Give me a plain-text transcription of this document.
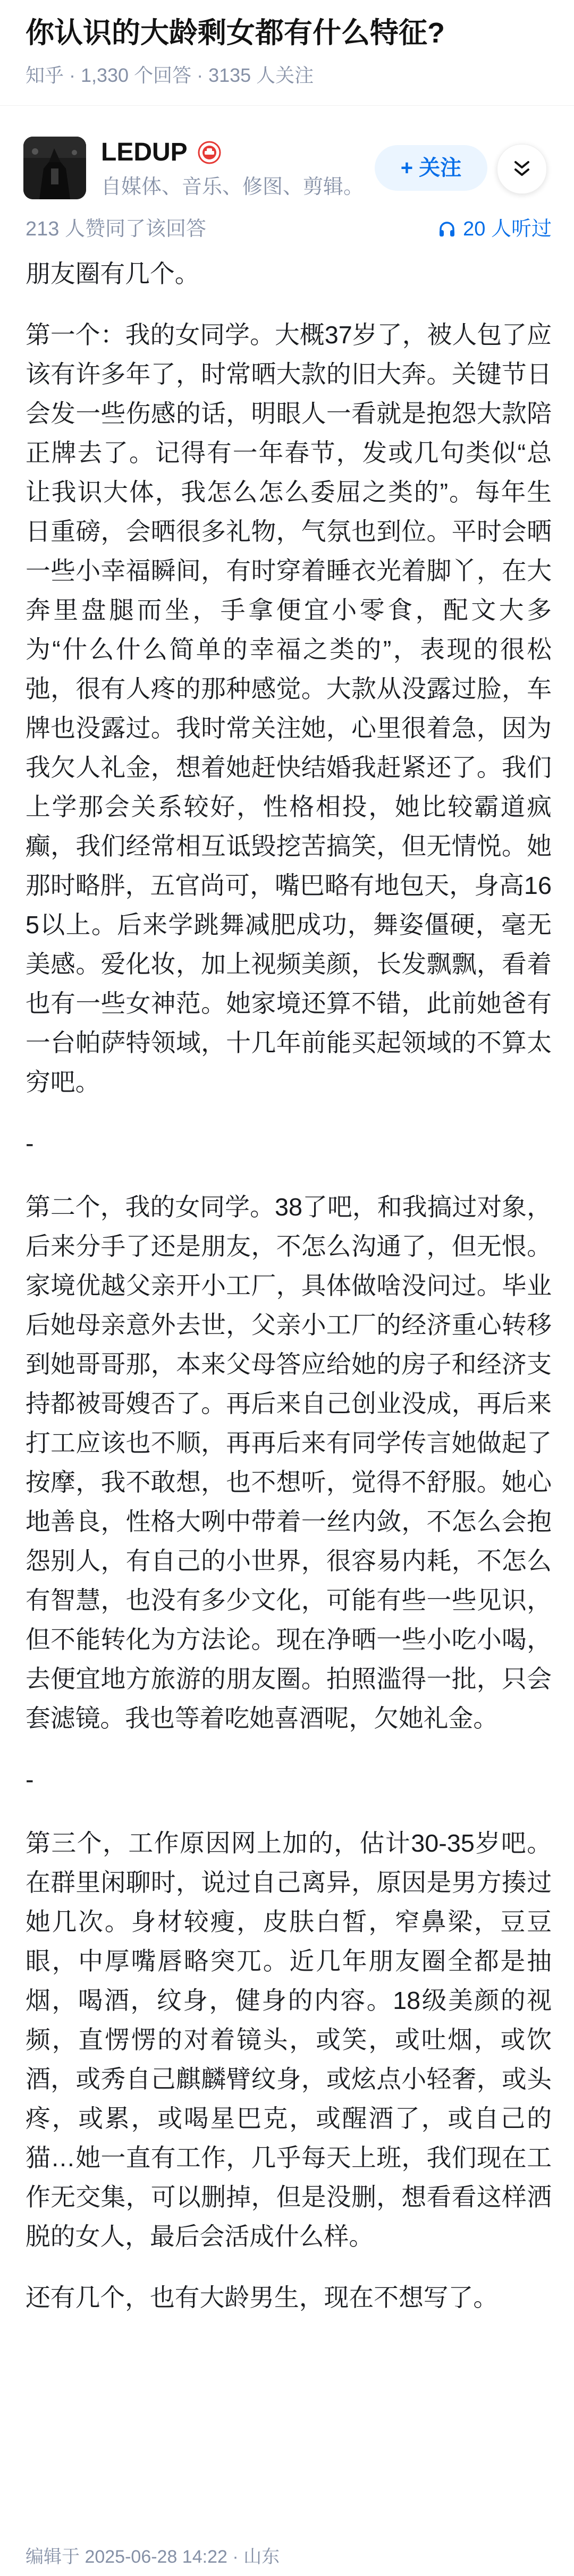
你认识的大龄剩女都有什么特征?
知乎 · 1,330 个回答 · 3135 人关注
LEDUP
自媒体、音乐、修图、剪辑。
+ 关注
213 人赞同了该回答	20 人听过

朋友圈有几个。

第一个：我的女同学。大概37岁了，被人包了应该有许多年了，时常晒大款的旧大奔。关键节日会发一些伤感的话，明眼人一看就是抱怨大款陪正牌去了。记得有一年春节，发或几句类似“总让我识大体，我怎么怎么委屈之类的”。每年生日重磅，会晒很多礼物，气氛也到位。平时会晒一些小幸福瞬间，有时穿着睡衣光着脚丫，在大奔里盘腿而坐，手拿便宜小零食，配文大多为“什么什么简单的幸福之类的”，表现的很松弛，很有人疼的那种感觉。大款从没露过脸，车牌也没露过。我时常关注她，心里很着急，因为我欠人礼金，想着她赶快结婚我赶紧还了。我们上学那会关系较好，性格相投，她比较霸道疯癫，我们经常相互诋毁挖苦搞笑，但无情悦。她那时略胖，五官尚可，嘴巴略有地包天，身高165以上。后来学跳舞减肥成功，舞姿僵硬，毫无美感。爱化妆，加上视频美颜，长发飘飘，看着也有一些女神范。她家境还算不错，此前她爸有一台帕萨特领域，十几年前能买起领域的不算太穷吧。

-

第二个，我的女同学。38了吧，和我搞过对象，后来分手了还是朋友，不怎么沟通了，但无恨。家境优越父亲开小工厂，具体做啥没问过。毕业后她母亲意外去世，父亲小工厂的经济重心转移到她哥哥那，本来父母答应给她的房子和经济支持都被哥嫂否了。再后来自己创业没成，再后来打工应该也不顺，再再后来有同学传言她做起了按摩，我不敢想，也不想听，觉得不舒服。她心地善良，性格大咧中带着一丝内敛，不怎么会抱怨别人，有自己的小世界，很容易内耗，不怎么有智慧，也没有多少文化，可能有些一些见识，但不能转化为方法论。现在净晒一些小吃小喝，去便宜地方旅游的朋友圈。拍照滥得一批，只会套滤镜。我也等着吃她喜酒呢，欠她礼金。

-

第三个，工作原因网上加的，估计30-35岁吧。在群里闲聊时，说过自己离异，原因是男方揍过她几次。身材较瘦，皮肤白皙，窄鼻梁，豆豆眼，中厚嘴唇略突兀。近几年朋友圈全都是抽烟，喝酒，纹身，健身的内容。18级美颜的视频，直愣愣的对着镜头，或笑，或吐烟，或饮酒，或秀自己麒麟臂纹身，或炫点小轻奢，或头疼，或累，或喝星巴克，或醒酒了，或自己的猫…她一直有工作，几乎每天上班，我们现在工作无交集，可以删掉，但是没删，想看看这样洒脱的女人，最后会活成什么样。

还有几个，也有大龄男生，现在不想写了。

编辑于 2025-06-28 14:22 · 山东
